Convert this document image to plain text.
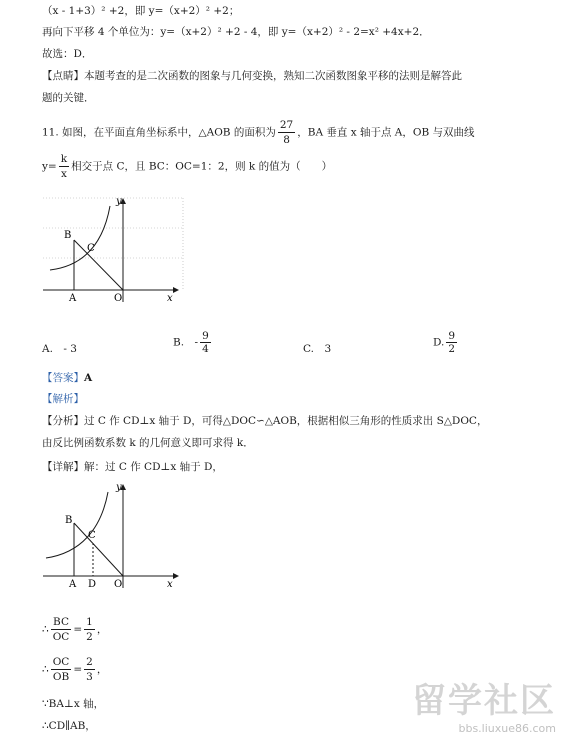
（x - 1+3）² +2，即 y=（x+2）² +2；
再向下平移 4 个单位为：y=（x+2）² +2 - 4，即 y=（x+2）² - 2=x² +4x+2．
故选：D．
【点睛】本题考查的是二次函数的图象与几何变换，熟知二次函数图象平移的法则是解答此
题的关键．
11. 如图，在平面直角坐标系中，△AOB 的面积为 $\frac{27}{8}$ ，BA 垂直 x 轴于点 A，OB 与双曲线
$y= \frac{k}{x}$ 相交于点 C，且 BC：OC=1：2，则 k 的值为（　　）
B
C
A	O	x
y
A.　- 3
B.　- $\frac{9}{4}$	C.　3
D. $\frac{9}{2}$
【答案】A
【解析】
【分析】过 C 作 CD⊥x 轴于 D，可得△DOC∽△AOB，根据相似三角形的性质求出 S△DOC，
由反比例函数系数 k 的几何意义即可求得 k．
【详解】解：过 C 作 CD⊥x 轴于 D，
B
C
A D O	x
y
∴ $\frac{BC}{OC} = \frac{1}{2}$ ，
∴ $\frac{OC}{OB} = \frac{2}{3}$ ，
∵BA⊥x 轴，
∴CD∥AB，
留学社区
bbs.liuxue86.com
